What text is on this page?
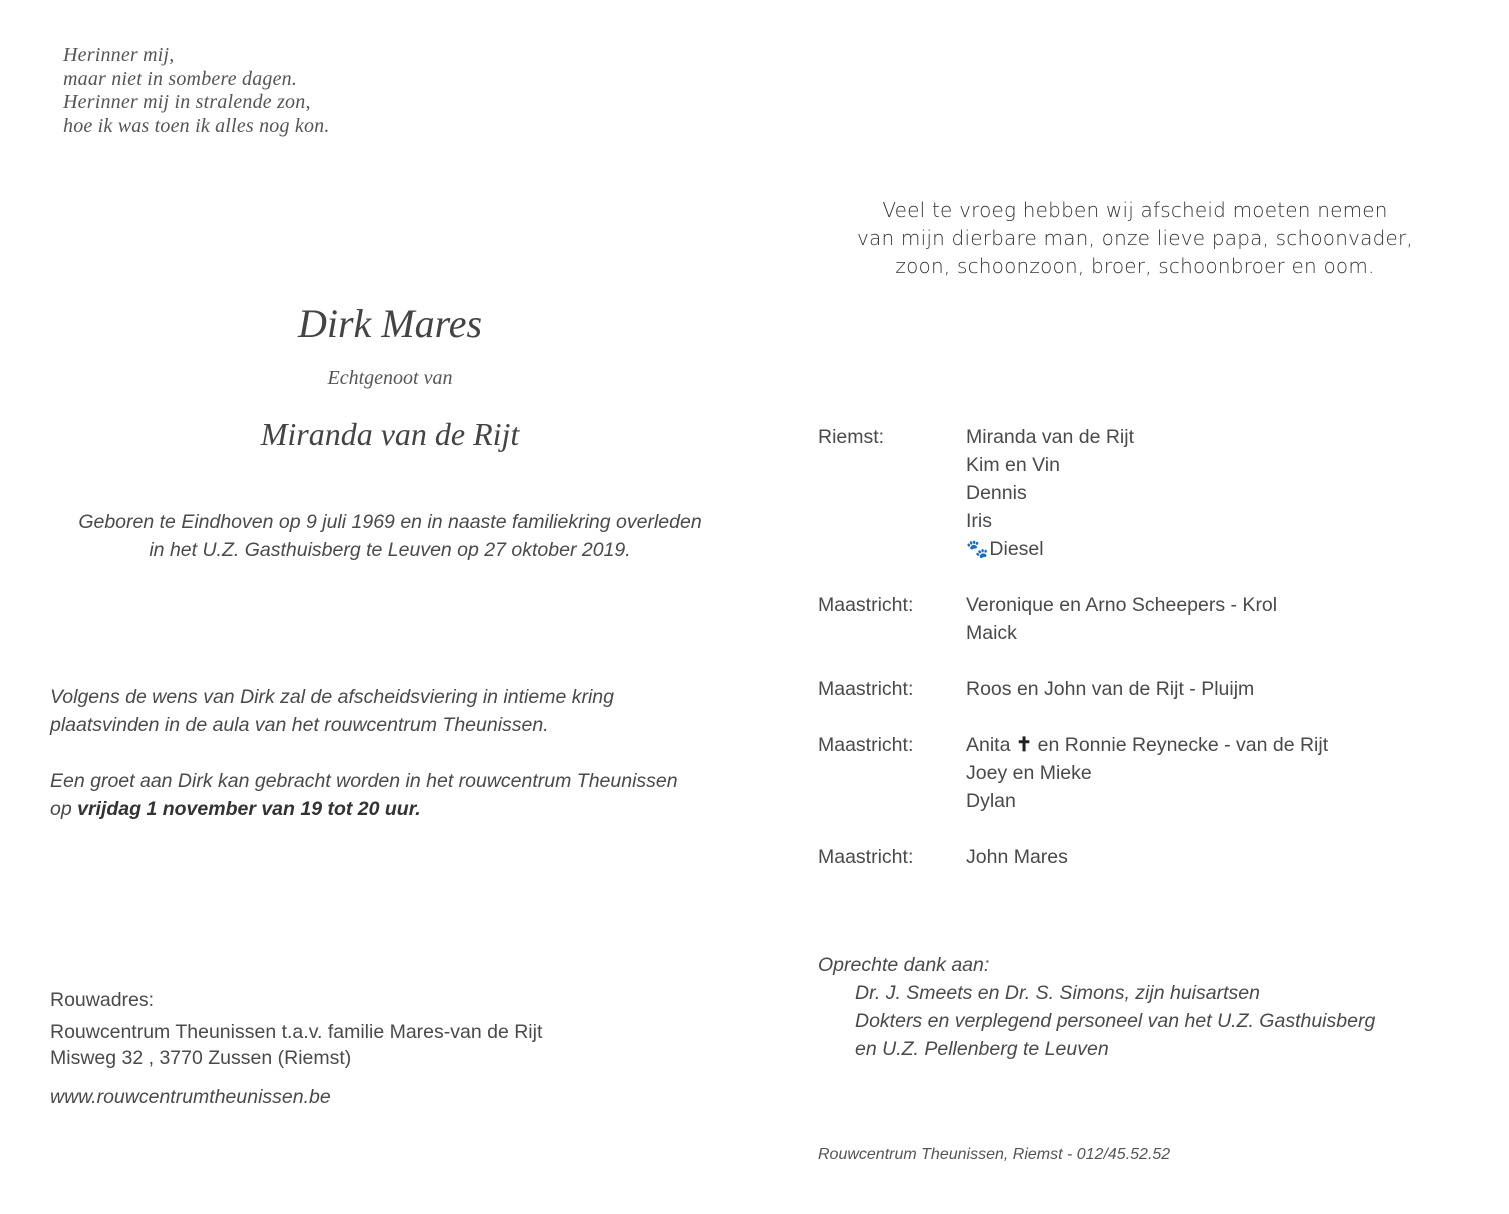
Herinner mij,
maar niet in sombere dagen.
Herinner mij in stralende zon,
hoe ik was toen ik alles nog kon.
Veel te vroeg hebben wij afscheid moeten nemen
van mijn dierbare man, onze lieve papa, schoonvader,
zoon, schoonzoon, broer, schoonbroer en oom.
Dirk Mares
Echtgenoot van
Miranda van de Rijt
Geboren te Eindhoven op 9 juli 1969 en in naaste familiekring overleden
in het U.Z. Gasthuisberg te Leuven op 27 oktober 2019.
Volgens de wens van Dirk zal de afscheidsviering in intieme kring
plaatsvinden in de aula van het rouwcentrum Theunissen.
Een groet aan Dirk kan gebracht worden in het rouwcentrum Theunissen
op vrijdag 1 november van 19 tot 20 uur.
Rouwadres:
Rouwcentrum Theunissen t.a.v. familie Mares-van de Rijt
Misweg 32 , 3770 Zussen (Riemst)
www.rouwcentrumtheunissen.be
Riemst:	Miranda van de Rijt
Kim en Vin
Dennis
Iris
🐾Diesel
Maastricht:	Veronique en Arno Scheepers - Krol
Maick
Maastricht:	Roos en John van de Rijt - Pluijm
Maastricht:	Anita ✝ en Ronnie Reynecke - van de Rijt
Joey en Mieke
Dylan
Maastricht:	John Mares
Oprechte dank aan:
Dr. J. Smeets en Dr. S. Simons, zijn huisartsen
Dokters en verplegend personeel van het U.Z. Gasthuisberg
en U.Z. Pellenberg te Leuven
Rouwcentrum Theunissen, Riemst - 012/45.52.52
